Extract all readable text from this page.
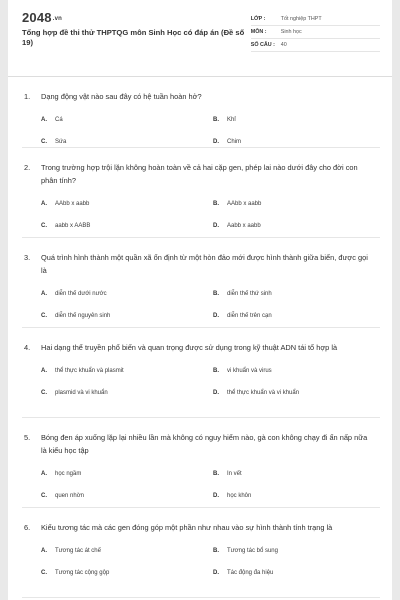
2048.vn
Tổng hợp đề thi thử THPTQG môn Sinh Học có đáp án (Đề số 19)
LỚP :	Tốt nghiệp THPT
MÔN :	Sinh học
SỐ CÂU :	40
1.	Dạng động vật nào sau đây có hệ tuần hoàn hở?
A.	Cá	B.	Khỉ
C.	Sứa	D.	Chim
2.	Trong trường hợp trội lặn không hoàn toàn về cả hai cặp gen, phép lai nào dưới đây cho đời con phân tính?
A.	AAbb x aabb	B.	AAbb x aabb
C.	aabb x AABB	D.	Aabb x aabb
3.	Quá trình hình thành một quần xã ổn định từ một hòn đảo mới được hình thành giữa biển, được gọi là
A.	diễn thế dưới nước	B.	diễn thế thứ sinh
C.	diễn thế nguyên sinh	D.	diễn thế trên cạn
4.	Hai dạng thể truyền phổ biến và quan trọng được sử dụng trong kỹ thuật ADN tái tổ hợp là
A.	thể thực khuẩn và plasmit	B.	vi khuẩn và virus
C.	plasmid và vi khuẩn	D.	thể thực khuẩn và vi khuẩn
5.	Bóng đen áp xuống lặp lại nhiều lần mà không có nguy hiểm nào, gà con không chạy đi ẩn nấp nữa là kiểu học tập
A.	học ngầm	B.	In vết
C.	quen nhờn	D.	học khôn
6.	Kiểu tương tác mà các gen đóng góp một phần như nhau vào sự hình thành tính trạng là
A.	Tương tác át chế	B.	Tương tác bổ sung
C.	Tương tác cộng gộp	D.	Tác động đa hiệu
